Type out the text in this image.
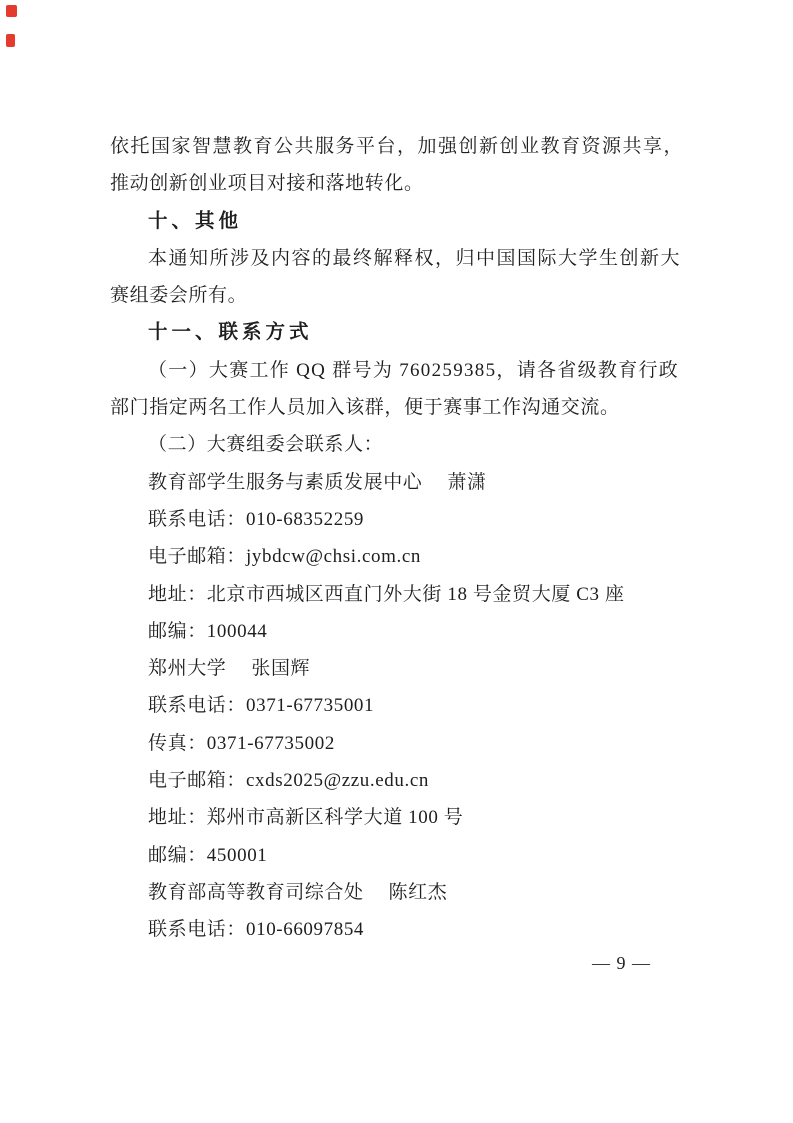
依托国家智慧教育公共服务平台，加强创新创业教育资源共享，
推动创新创业项目对接和落地转化。
十、其他
本通知所涉及内容的最终解释权，归中国国际大学生创新大
赛组委会所有。
十一、联系方式
（一）大赛工作 QQ 群号为 760259385，请各省级教育行政
部门指定两名工作人员加入该群，便于赛事工作沟通交流。
（二）大赛组委会联系人：
教育部学生服务与素质发展中心　 萧潇
联系电话：010-68352259
电子邮箱：jybdcw@chsi.com.cn
地址：北京市西城区西直门外大街 18 号金贸大厦 C3 座
邮编：100044
郑州大学　 张国辉
联系电话：0371-67735001
传真：0371-67735002
电子邮箱：cxds2025@zzu.edu.cn
地址：郑州市高新区科学大道 100 号
邮编：450001
教育部高等教育司综合处　 陈红杰
联系电话：010-66097854
— 9 —
